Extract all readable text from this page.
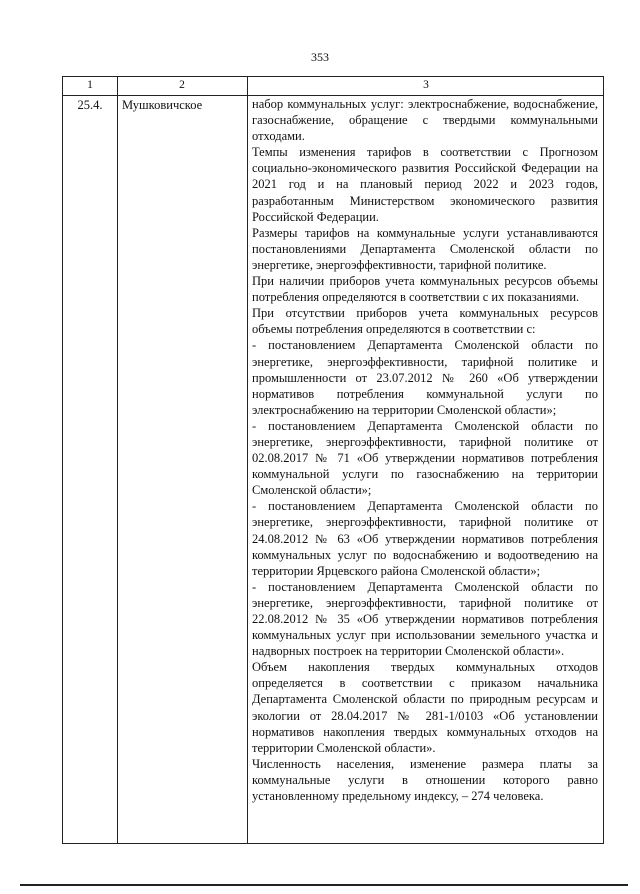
353
1	2	3
25.4.	Мушковичское	набор коммунальных услуг: электроснабжение, водоснабжение, газоснабжение, обращение с твердыми коммунальными отходами.

Темпы изменения тарифов в соответствии с Прогнозом социально-экономического развития Российской Федерации на 2021 год и на плановый период 2022 и 2023 годов, разработанным Министерством экономического развития Российской Федерации.

Размеры тарифов на коммунальные услуги устанавливаются постановлениями Департамента Смоленской области по энергетике, энергоэффективности, тарифной политике.

При наличии приборов учета коммунальных ресурсов объемы потребления определяются в соответствии с их показаниями.

При отсутствии приборов учета коммунальных ресурсов объемы потребления определяются в соответствии с:

- постановлением Департамента Смоленской области по энергетике, энергоэффективности, тарифной политике и промышленности от 23.07.2012 № 260 «Об утверждении нормативов потребления коммунальной услуги по электроснабжению на территории Смоленской области»;

- постановлением Департамента Смоленской области по энергетике, энергоэффективности, тарифной политике от 02.08.2017 № 71 «Об утверждении нормативов потребления коммунальной услуги по газоснабжению на территории Смоленской области»;

- постановлением Департамента Смоленской области по энергетике, энергоэффективности, тарифной политике от 24.08.2012 № 63 «Об утверждении нормативов потребления коммунальных услуг по водоснабжению и водоотведению на территории Ярцевского района Смоленской области»;

- постановлением Департамента Смоленской области по энергетике, энергоэффективности, тарифной политике от 22.08.2012 № 35 «Об утверждении нормативов потребления коммунальных услуг при использовании земельного участка и надворных построек на территории Смоленской области».

Объем накопления твердых коммунальных отходов определяется в соответствии с приказом начальника Департамента Смоленской области по природным ресурсам и экологии от 28.04.2017 № 281-1/0103 «Об установлении нормативов накопления твердых коммунальных отходов на территории Смоленской области».

Численность населения, изменение размера платы за коммунальные услуги в отношении которого равно установленному предельному индексу, – 274 человека.
